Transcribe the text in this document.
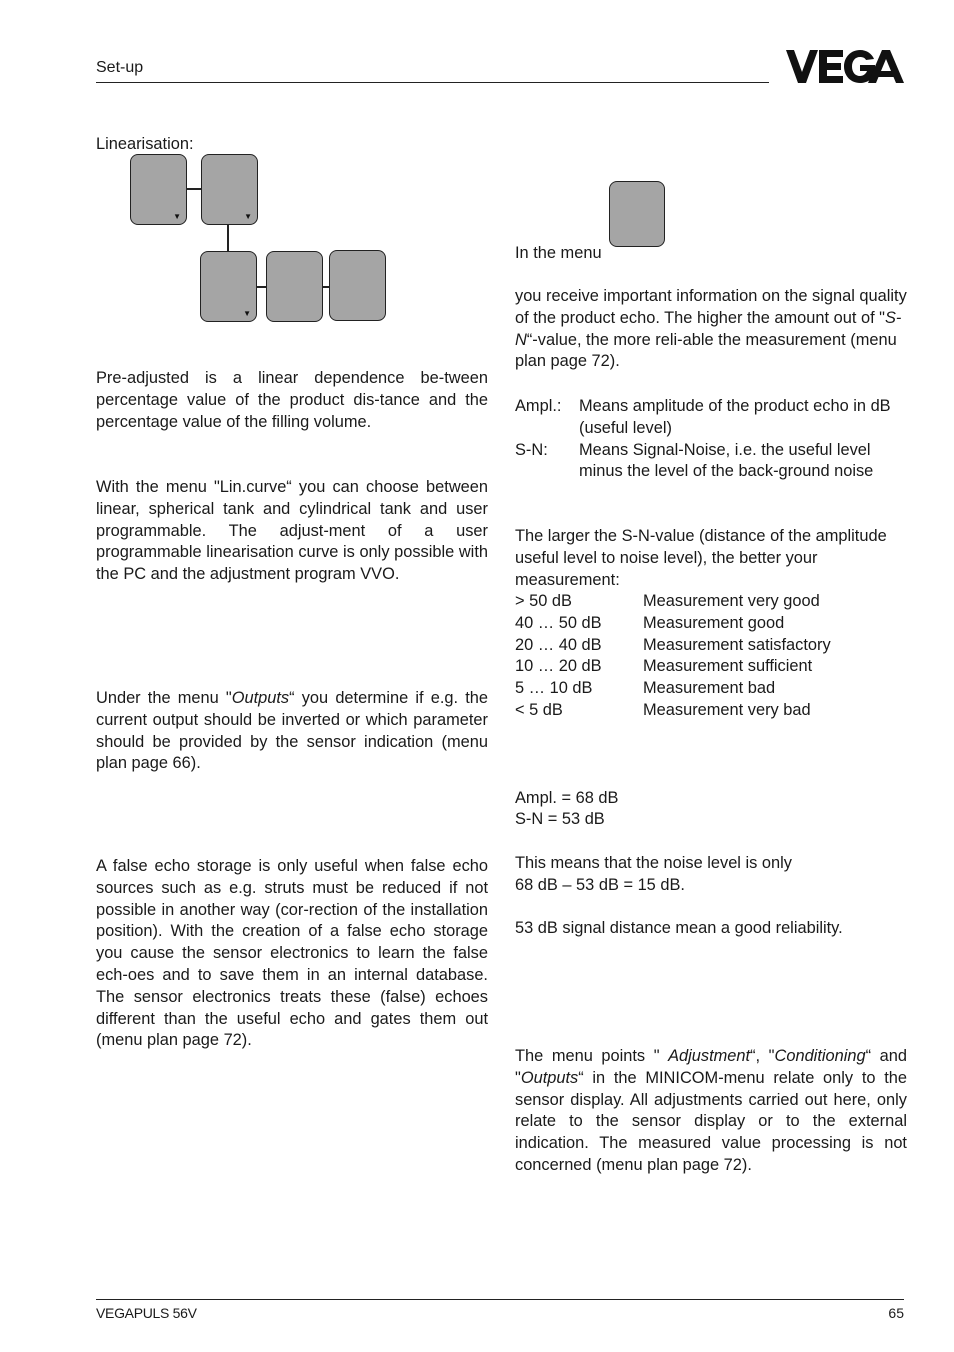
Set-up
Linearisation:
▼	▼
▼
Pre-adjusted is a linear dependence be-tween percentage value of the product dis-tance and the percentage value of the filling volume.
With the menu "Lin.curve“ you can choose between linear, spherical tank and cylindrical tank and user programmable. The adjust-ment of a user programmable linearisation curve is only possible with the PC and the adjustment program VVO.
Under the menu "Outputs“ you determine if e.g. the current output should be inverted or which parameter should be provided by the sensor indication (menu plan page 66).
A false echo storage is only useful when false echo sources such as e.g. struts must be reduced if not possible in another way (cor-rection of the installation position). With the creation of a false echo storage you cause the sensor electronics to learn the false ech-oes and to save them in an internal database. The sensor electronics treats these (false) echoes different than the useful echo and gates them out (menu plan page 72).
In the menu
you receive important information on the signal quality of the product echo. The higher the amount out of "S-N“-value, the more reli-able the measurement (menu plan page 72).
Ampl.:	Means amplitude of the product echo in dB (useful level)
S-N:	Means Signal-Noise, i.e. the useful level minus the level of the back-ground noise
The larger the S-N-value (distance of the amplitude useful level to noise level), the better your measurement:
> 50 dB	Measurement very good
40 … 50 dB	Measurement good
20 … 40 dB	Measurement satisfactory
10 … 20 dB	Measurement sufficient
5 … 10 dB	Measurement bad
< 5 dB	Measurement very bad
Ampl. = 68 dB
S-N = 53 dB
This means that the noise level is only
68 dB – 53 dB = 15 dB.
53 dB signal distance mean a good reliability.
The menu points " Adjustment“, "Conditioning“ and "Outputs“ in the MINICOM-menu relate only to the sensor display. All adjustments carried out here, only relate to the sensor display or to the external indication. The measured value processing is not concerned (menu plan page 72).
VEGAPULS 56V	65
